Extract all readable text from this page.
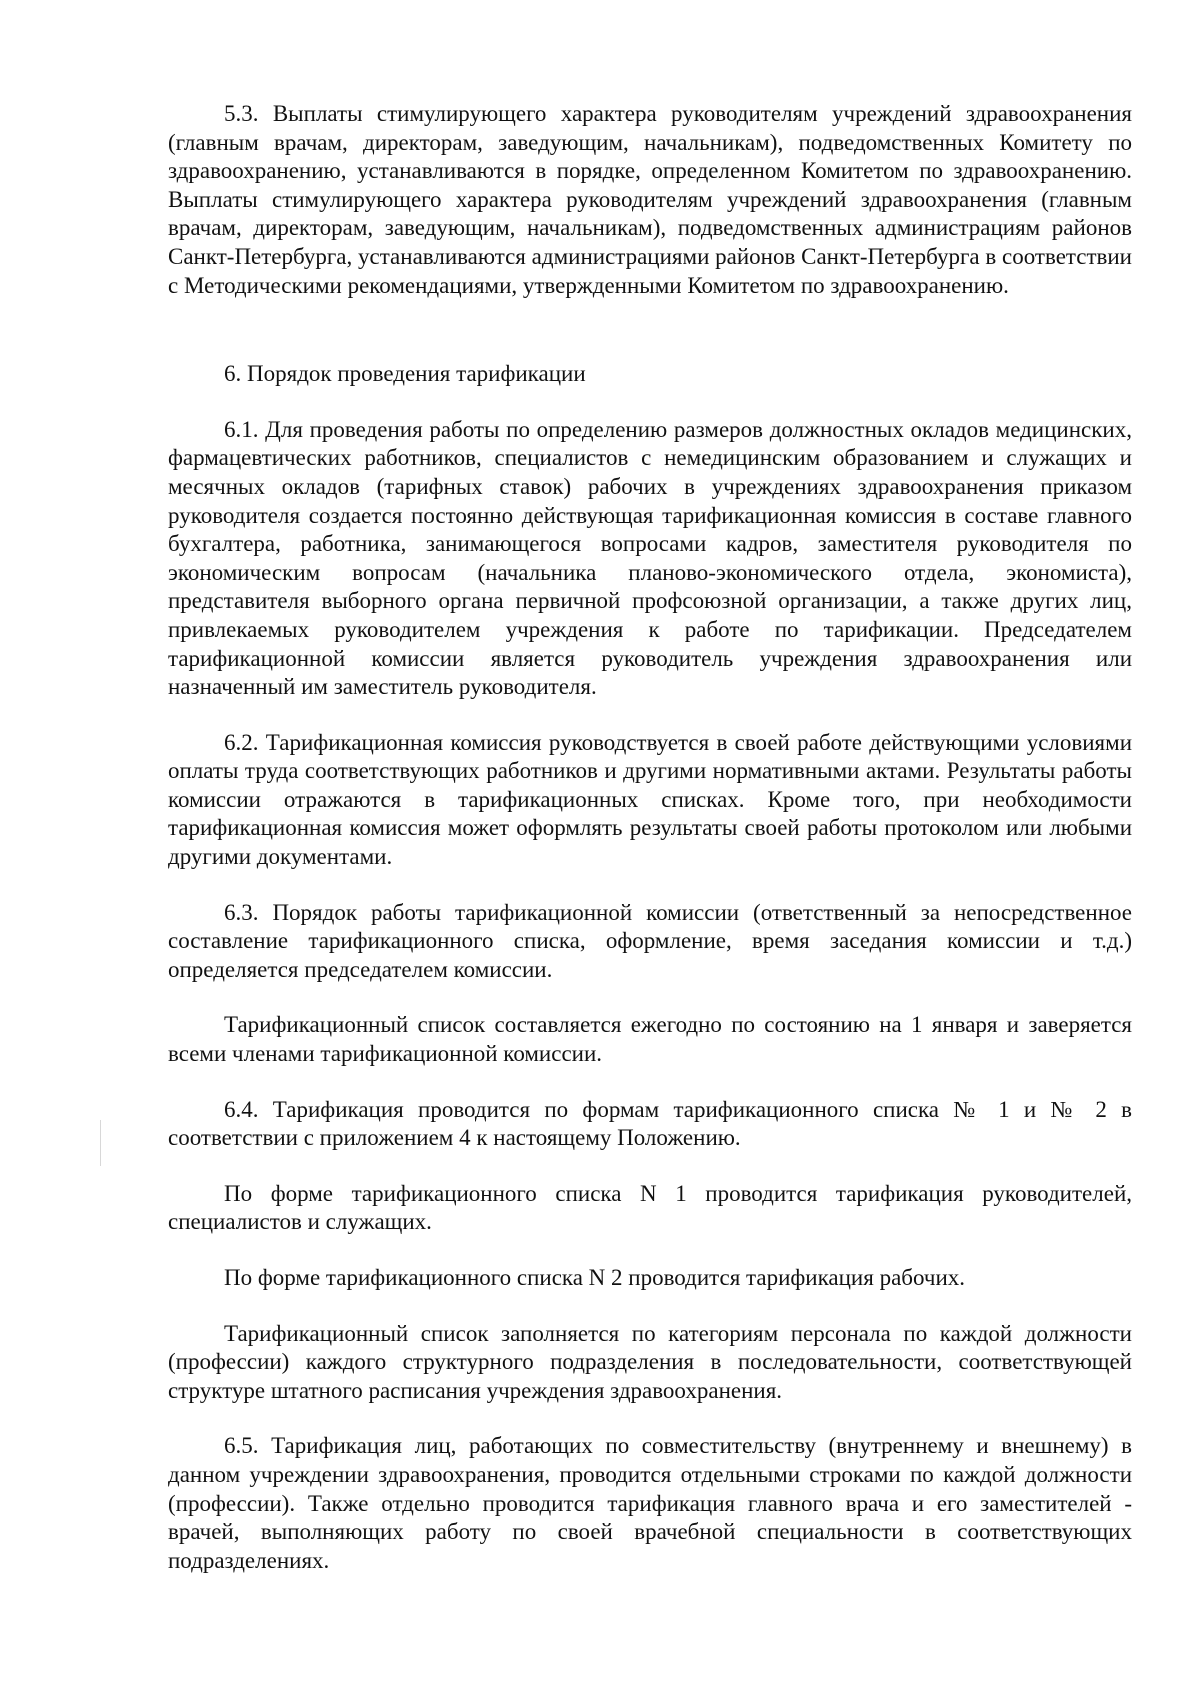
5.3. Выплаты стимулирующего характера руководителям учреждений здравоохранения (главным врачам, директорам, заведующим, начальникам), подведомственных Комитету по здравоохранению, устанавливаются в порядке, определенном Комитетом по здравоохранению. Выплаты стимулирующего характера руководителям учреждений здравоохранения (главным врачам, директорам, заведующим, начальникам), подведомственных администрациям районов Санкт-Петербурга, устанавливаются администрациями районов Санкт-Петербурга в соответствии с Методическими рекомендациями, утвержденными Комитетом по здравоохранению.

6. Порядок проведения тарификации

6.1. Для проведения работы по определению размеров должностных окладов медицинских, фармацевтических работников, специалистов с немедицинским образованием и служащих и месячных окладов (тарифных ставок) рабочих в учреждениях здравоохранения приказом руководителя создается постоянно действующая тарификационная комиссия в составе главного бухгалтера, работника, занимающегося вопросами кадров, заместителя руководителя по экономическим вопросам (начальника планово-экономического отдела, экономиста), представителя выборного органа первичной профсоюзной организации, а также других лиц, привлекаемых руководителем учреждения к работе по тарификации. Председателем тарификационной комиссии является руководитель учреждения здравоохранения или назначенный им заместитель руководителя.

6.2. Тарификационная комиссия руководствуется в своей работе действующими условиями оплаты труда соответствующих работников и другими нормативными актами. Результаты работы комиссии отражаются в тарификационных списках. Кроме того, при необходимости тарификационная комиссия может оформлять результаты своей работы протоколом или любыми другими документами.

6.3. Порядок работы тарификационной комиссии (ответственный за непосредственное составление тарификационного списка, оформление, время заседания комиссии и т.д.) определяется председателем комиссии.

Тарификационный список составляется ежегодно по состоянию на 1 января и заверяется всеми членами тарификационной комиссии.

6.4. Тарификация проводится по формам тарификационного списка № 1 и № 2 в соответствии с приложением 4 к настоящему Положению.

По форме тарификационного списка N 1 проводится тарификация руководителей, специалистов и служащих.

По форме тарификационного списка N 2 проводится тарификация рабочих.

Тарификационный список заполняется по категориям персонала по каждой должности (профессии) каждого структурного подразделения в последовательности, соответствующей структуре штатного расписания учреждения здравоохранения.

6.5. Тарификация лиц, работающих по совместительству (внутреннему и внешнему) в данном учреждении здравоохранения, проводится отдельными строками по каждой должности (профессии). Также отдельно проводится тарификация главного врача и его заместителей - врачей, выполняющих работу по своей врачебной специальности в соответствующих подразделениях.
